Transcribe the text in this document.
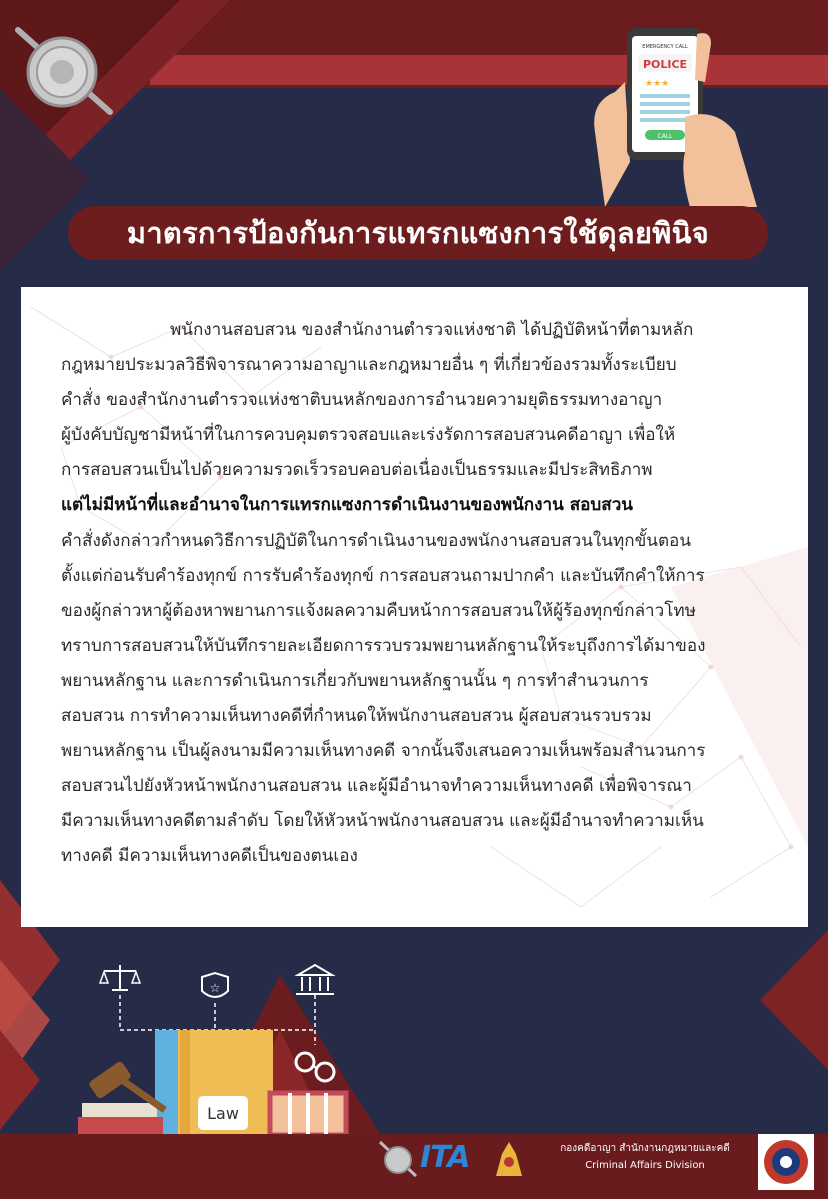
POLICE
EMERGENCY CALL
★★★
CALL
มาตรการป้องกันการแทรกแซงการใช้ดุลยพินิจ
พนักงานสอบสวน ของสำนักงานตำรวจแห่งชาติ ได้ปฏิบัติหน้าที่ตามหลัก
กฎหมายประมวลวิธีพิจารณาความอาญาและกฎหมายอื่น ๆ ที่เกี่ยวข้องรวมทั้งระเบียบ
คำสั่ง ของสำนักงานตำรวจแห่งชาติบนหลักของการอำนวยความยุติธรรมทางอาญา
ผู้บังคับบัญชามีหน้าที่ในการควบคุมตรวจสอบและเร่งรัดการสอบสวนคดีอาญา เพื่อให้
การสอบสวนเป็นไปด้วยความรวดเร็วรอบคอบต่อเนื่องเป็นธรรมและมีประสิทธิภาพ
แต่ไม่มีหน้าที่และอำนาจในการแทรกแซงการดำเนินงานของพนักงาน สอบสวน
คำสั่งดังกล่าวกำหนดวิธีการปฏิบัติในการดำเนินงานของพนักงานสอบสวนในทุกขั้นตอน
ตั้งแต่ก่อนรับคำร้องทุกข์ การรับคำร้องทุกข์ การสอบสวนถามปากคำ และบันทึกคำให้การ
ของผู้กล่าวหาผู้ต้องหาพยานการแจ้งผลความคืบหน้าการสอบสวนให้ผู้ร้องทุกข์กล่าวโทษ
ทราบการสอบสวนให้บันทึกรายละเอียดการรวบรวมพยานหลักฐานให้ระบุถึงการได้มาของ
พยานหลักฐาน และการดำเนินการเกี่ยวกับพยานหลักฐานนั้น ๆ การทำสำนวนการ
สอบสวน การทำความเห็นทางคดีที่กำหนดให้พนักงานสอบสวน ผู้สอบสวนรวบรวม
พยานหลักฐาน เป็นผู้ลงนามมีความเห็นทางคดี จากนั้นจึงเสนอความเห็นพร้อมสำนวนการ
สอบสวนไปยังหัวหน้าพนักงานสอบสวน และผู้มีอำนาจทำความเห็นทางคดี เพื่อพิจารณา
มีความเห็นทางคดีตามลำดับ โดยให้หัวหน้าพนักงานสอบสวน และผู้มีอำนาจทำความเห็น
ทางคดี มีความเห็นทางคดีเป็นของตนเอง
☆
Law
ITA	กองคดีอาญา สำนักงานกฎหมายและคดี
Criminal Affairs Division
